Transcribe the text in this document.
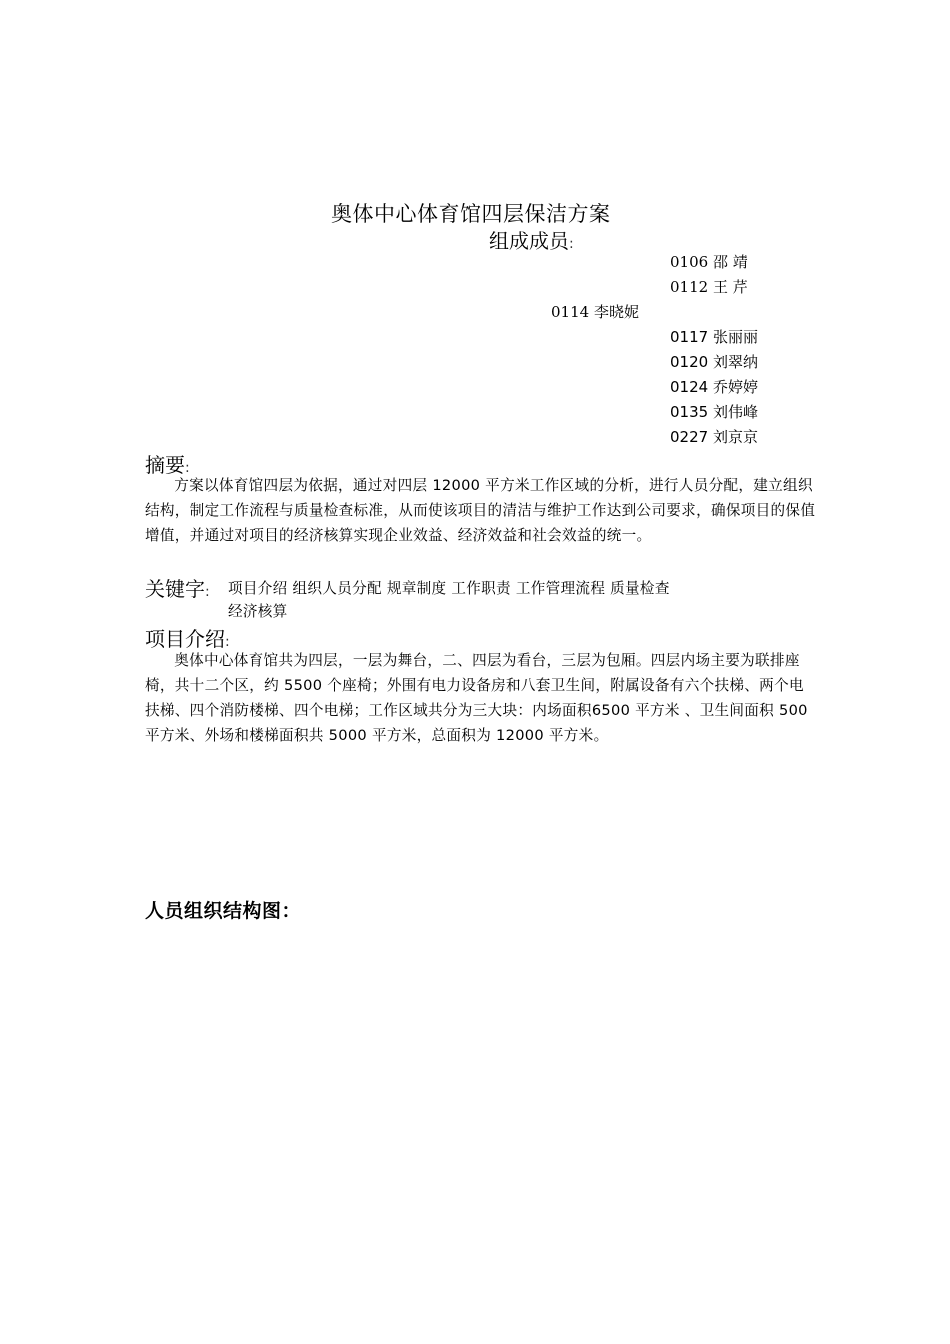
奥体中心体育馆四层保洁方案
组成成员:
0106 邵 靖
0112 王 芹
0114 李晓妮
0117 张丽丽
0120 刘翠纳
0124 乔婷婷
0135 刘伟峰
0227 刘京京
摘要:
方案以体育馆四层为依据，通过对四层 12000 平方米工作区域的分析，进行人员分配，建立组织结构，制定工作流程与质量检查标准，从而使该项目的清洁与维护工作达到公司要求，确保项目的保值增值，并通过对项目的经济核算实现企业效益、经济效益和社会效益的统一。
关键字: 项目介绍 组织人员分配 规章制度 工作职责 工作管理流程 质量检查
经济核算
项目介绍:
奥体中心体育馆共为四层，一层为舞台，二、四层为看台，三层为包厢。四层内场主要为联排座椅，共十二个区，约 5500 个座椅；外围有电力设备房和八套卫生间，附属设备有六个扶梯、两个电扶梯、四个消防楼梯、四个电梯；工作区域共分为三大块：内场面积6500 平方米 、卫生间面积 500 平方米、外场和楼梯面积共 5000 平方米，总面积为 12000 平方米。
人员组织结构图：
